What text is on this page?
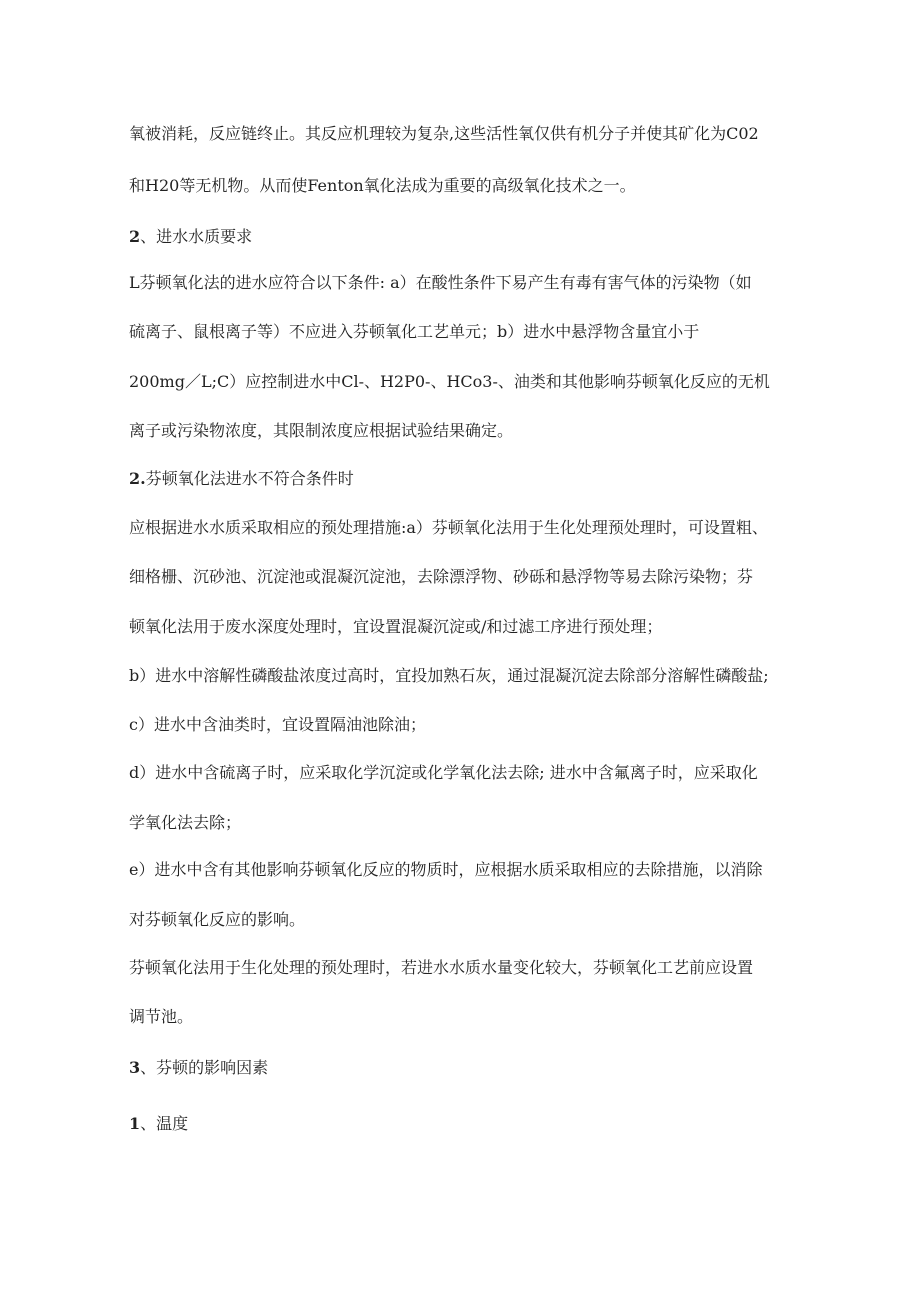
氧被消耗，反应链终止。其反应机理较为复杂,这些活性氧仅供有机分子并使其矿化为C02
和H20等无机物。从而使Fenton氧化法成为重要的高级氧化技术之一。
2、进水水质要求
L芬顿氧化法的进水应符合以下条件: a）在酸性条件下易产生有毒有害气体的污染物（如
硫离子、鼠根离子等）不应进入芬顿氧化工艺单元；b）进水中悬浮物含量宜小于
200mg／L;C）应控制进水中Cl-、H2P0-、HCo3-、油类和其他影响芬顿氧化反应的无机
离子或污染物浓度，其限制浓度应根据试验结果确定。
2.芬顿氧化法进水不符合条件时
应根据进水水质采取相应的预处理措施:a）芬顿氧化法用于生化处理预处理时，可设置粗、
细格栅、沉砂池、沉淀池或混凝沉淀池，去除漂浮物、砂砾和悬浮物等易去除污染物；芬
顿氧化法用于废水深度处理时，宜设置混凝沉淀或/和过滤工序进行预处理；
b）进水中溶解性磷酸盐浓度过高时，宜投加熟石灰，通过混凝沉淀去除部分溶解性磷酸盐;
c）进水中含油类时，宜设置隔油池除油；
d）进水中含硫离子时，应采取化学沉淀或化学氧化法去除; 进水中含氟离子时，应采取化
学氧化法去除；
e）进水中含有其他影响芬顿氧化反应的物质时，应根据水质采取相应的去除措施，以消除
对芬顿氧化反应的影响。
芬顿氧化法用于生化处理的预处理时，若进水水质水量变化较大，芬顿氧化工艺前应设置
调节池。
3、芬顿的影响因素
1、温度
